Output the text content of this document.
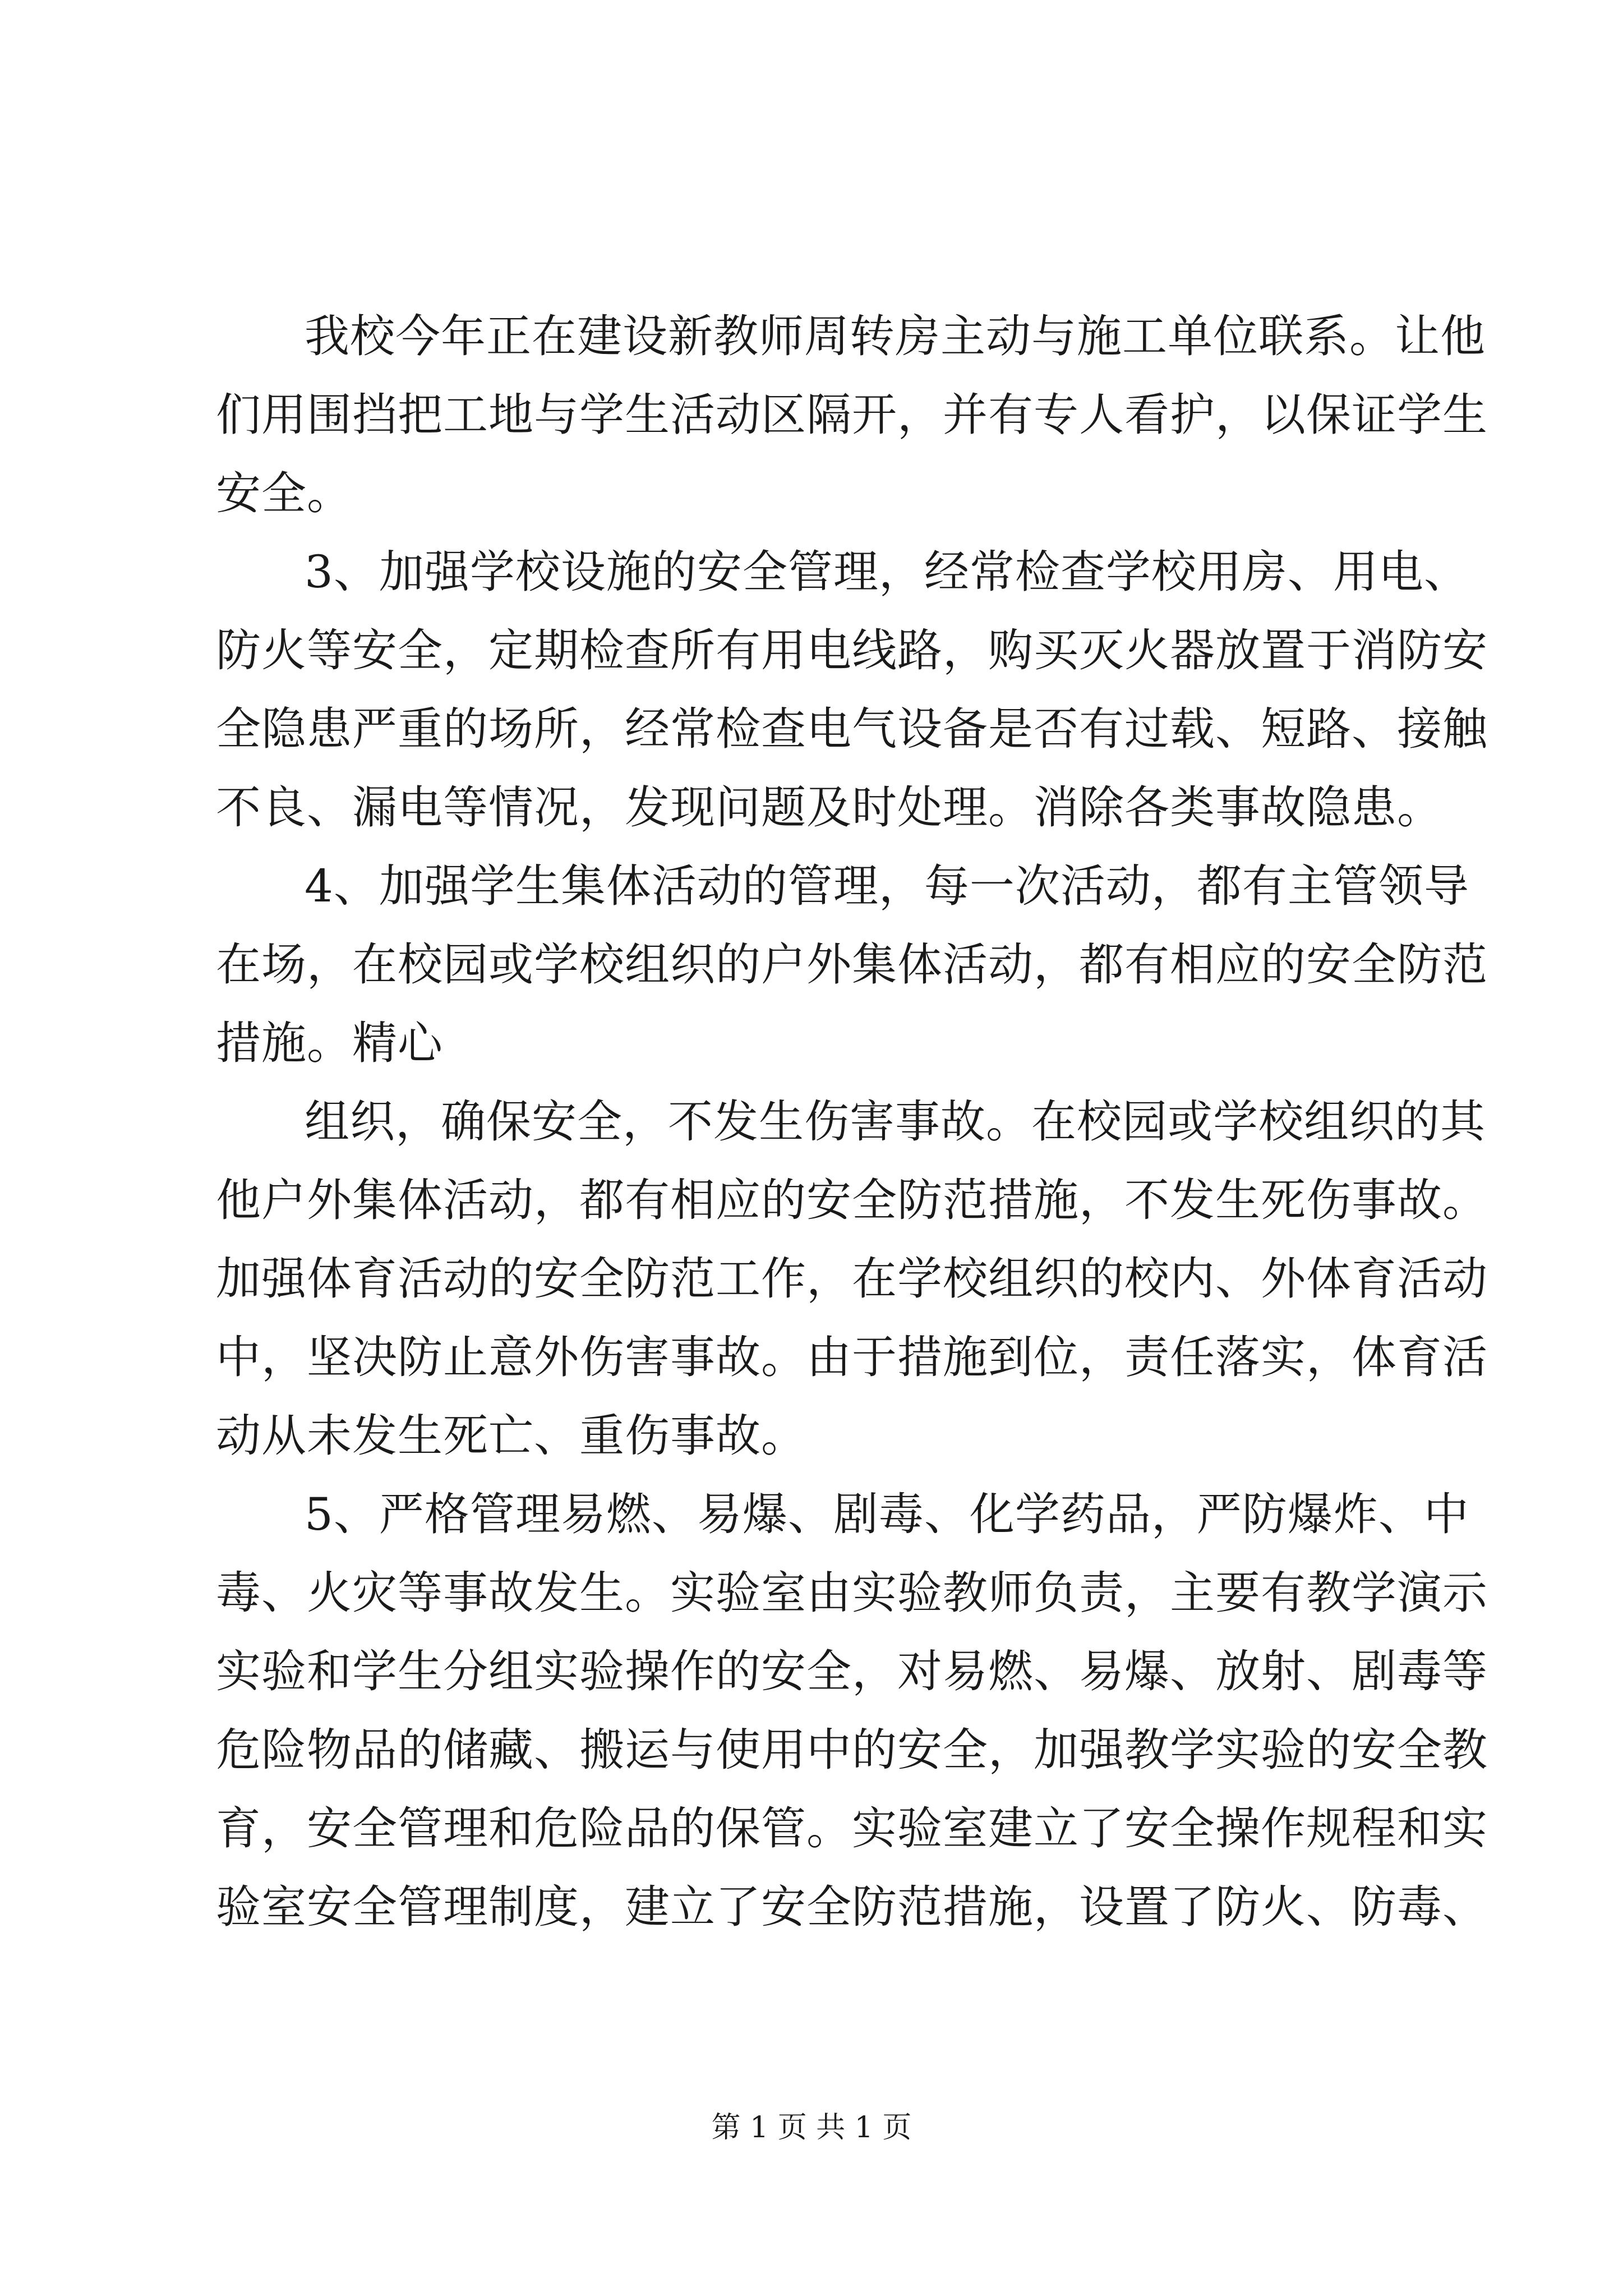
我校今年正在建设新教师周转房主动与施工单位联系。让他
们用围挡把工地与学生活动区隔开，并有专人看护，以保证学生
安全。
3、加强学校设施的安全管理，经常检查学校用房、用电、
防火等安全，定期检查所有用电线路，购买灭火器放置于消防安
全隐患严重的场所，经常检查电气设备是否有过载、短路、接触
不良、漏电等情况，发现问题及时处理。消除各类事故隐患。
4、加强学生集体活动的管理，每一次活动，都有主管领导
在场，在校园或学校组织的户外集体活动，都有相应的安全防范
措施。精心
组织，确保安全，不发生伤害事故。在校园或学校组织的其
他户外集体活动，都有相应的安全防范措施，不发生死伤事故。
加强体育活动的安全防范工作，在学校组织的校内、外体育活动
中，坚决防止意外伤害事故。由于措施到位，责任落实，体育活
动从未发生死亡、重伤事故。
5、严格管理易燃、易爆、剧毒、化学药品，严防爆炸、中
毒、火灾等事故发生。实验室由实验教师负责，主要有教学演示
实验和学生分组实验操作的安全，对易燃、易爆、放射、剧毒等
危险物品的储藏、搬运与使用中的安全，加强教学实验的安全教
育，安全管理和危险品的保管。实验室建立了安全操作规程和实
验室安全管理制度，建立了安全防范措施，设置了防火、防毒、
第 1 页 共 1 页
